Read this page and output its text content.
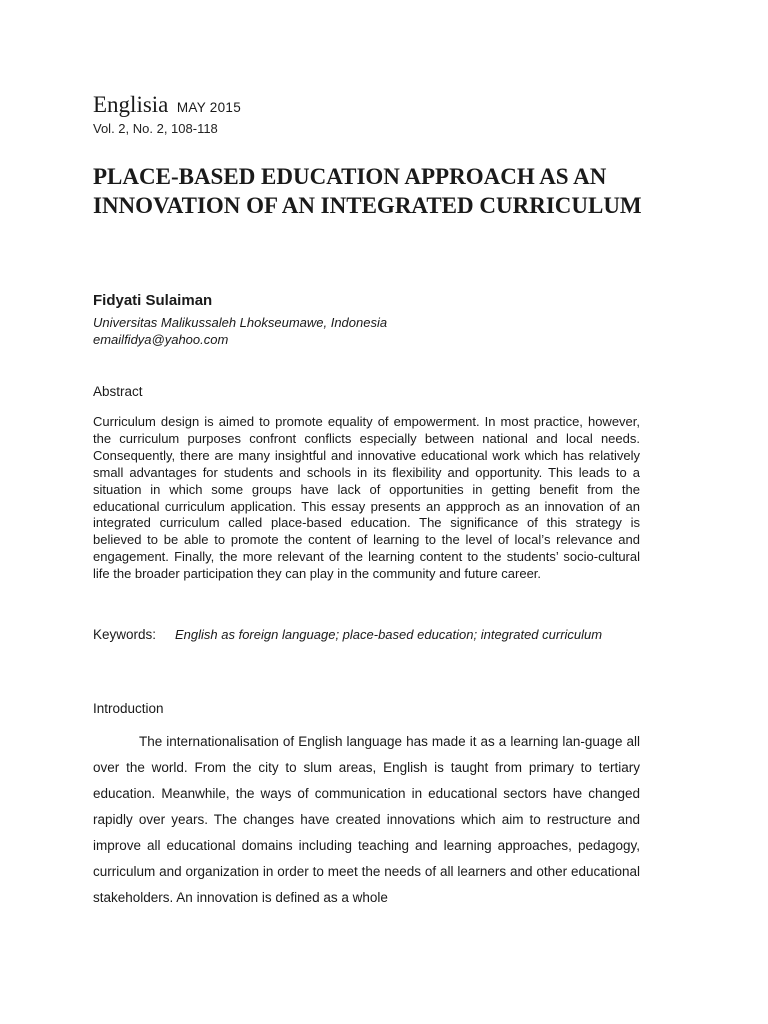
Englisia MAY 2015
Vol. 2, No. 2, 108-118
PLACE-BASED EDUCATION APPROACH AS AN INNOVATION OF AN INTEGRATED CURRICULUM
Fidyati Sulaiman
Universitas Malikussaleh Lhokseumawe, Indonesia
emailfidya@yahoo.com
Abstract

Curriculum design is aimed to promote equality of empowerment. In most practice, however, the curriculum purposes confront conflicts especially between national and local needs. Consequently, there are many insightful and innovative educational work which has relatively small advantages for students and schools in its flexibility and opportunity. This leads to a situation in which some groups have lack of opportunities in getting benefit from the educational curriculum application. This essay presents an appproch as an innovation of an integrated curriculum called place-based education. The significance of this strategy is believed to be able to promote the content of learning to the level of local’s relevance and engagement. Finally, the more relevant of the learning content to the students’ socio-cultural life the broader participation they can play in the community and future career.

Keywords: English as foreign language; place-based education; integrated curriculum
Introduction

The internationalisation of English language has made it as a learning lan-guage all over the world. From the city to slum areas, English is taught from primary to tertiary education. Meanwhile, the ways of communication in educational sectors have changed rapidly over years. The changes have created innovations which aim to restructure and improve all educational domains including teaching and learning approaches, pedagogy, curriculum and organization in order to meet the needs of all learners and other educational stakeholders. An innovation is defined as a whole
